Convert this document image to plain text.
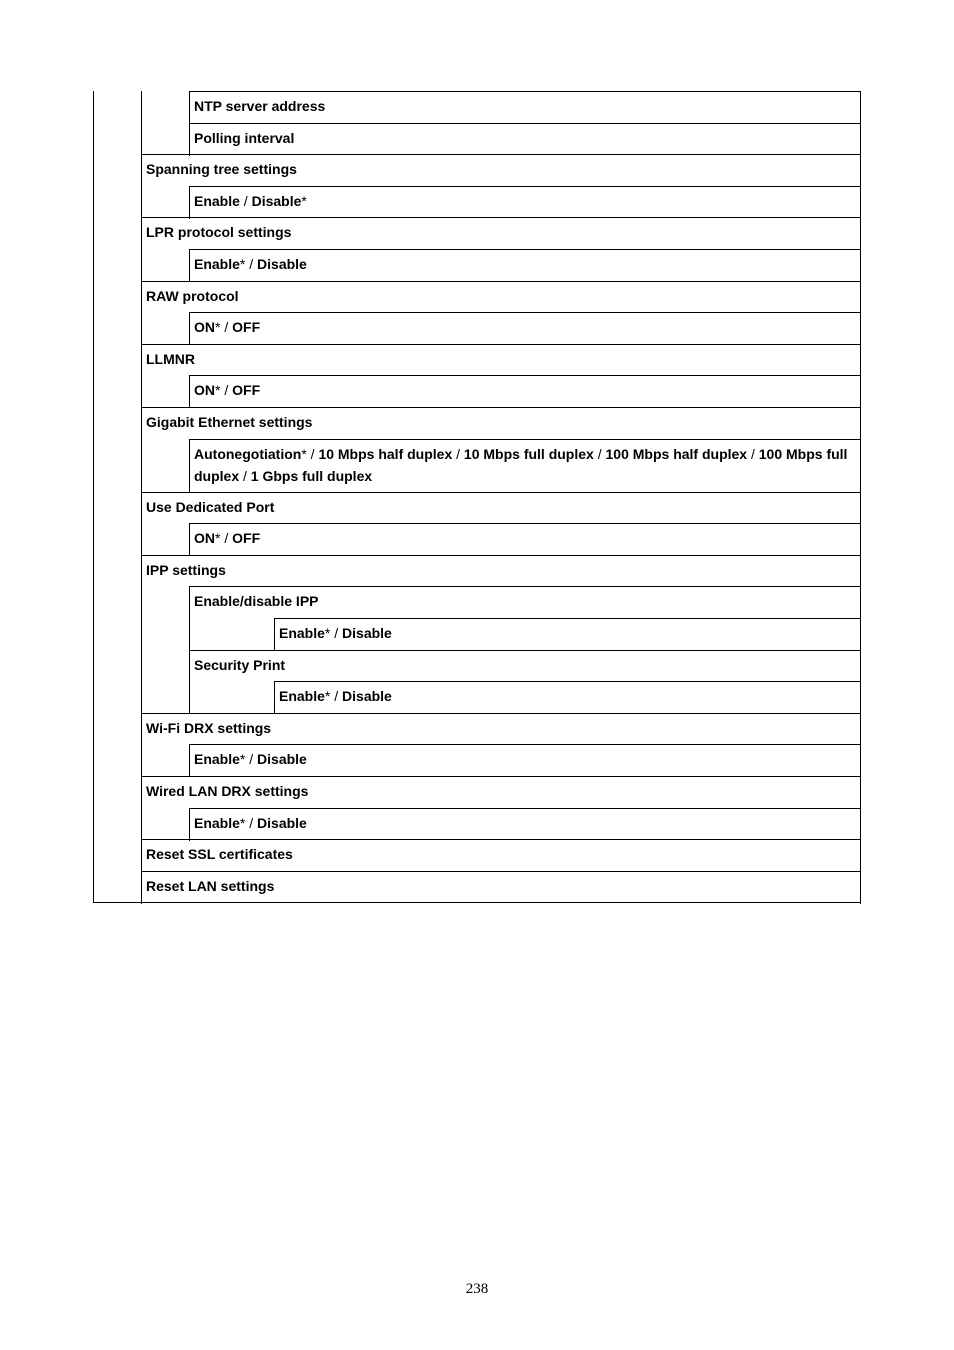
NTP server address
Polling interval
Spanning tree settings
Enable / Disable*
LPR protocol settings
Enable* / Disable
RAW protocol
ON* / OFF
LLMNR
ON* / OFF
Gigabit Ethernet settings
Autonegotiation* / 10 Mbps half duplex / 10 Mbps full duplex / 100 Mbps half duplex / 100 Mbps full duplex / 1 Gbps full duplex
Use Dedicated Port
ON* / OFF
IPP settings
Enable/disable IPP
Enable* / Disable
Security Print
Enable* / Disable
Wi-Fi DRX settings
Enable* / Disable
Wired LAN DRX settings
Enable* / Disable
Reset SSL certificates
Reset LAN settings
238
